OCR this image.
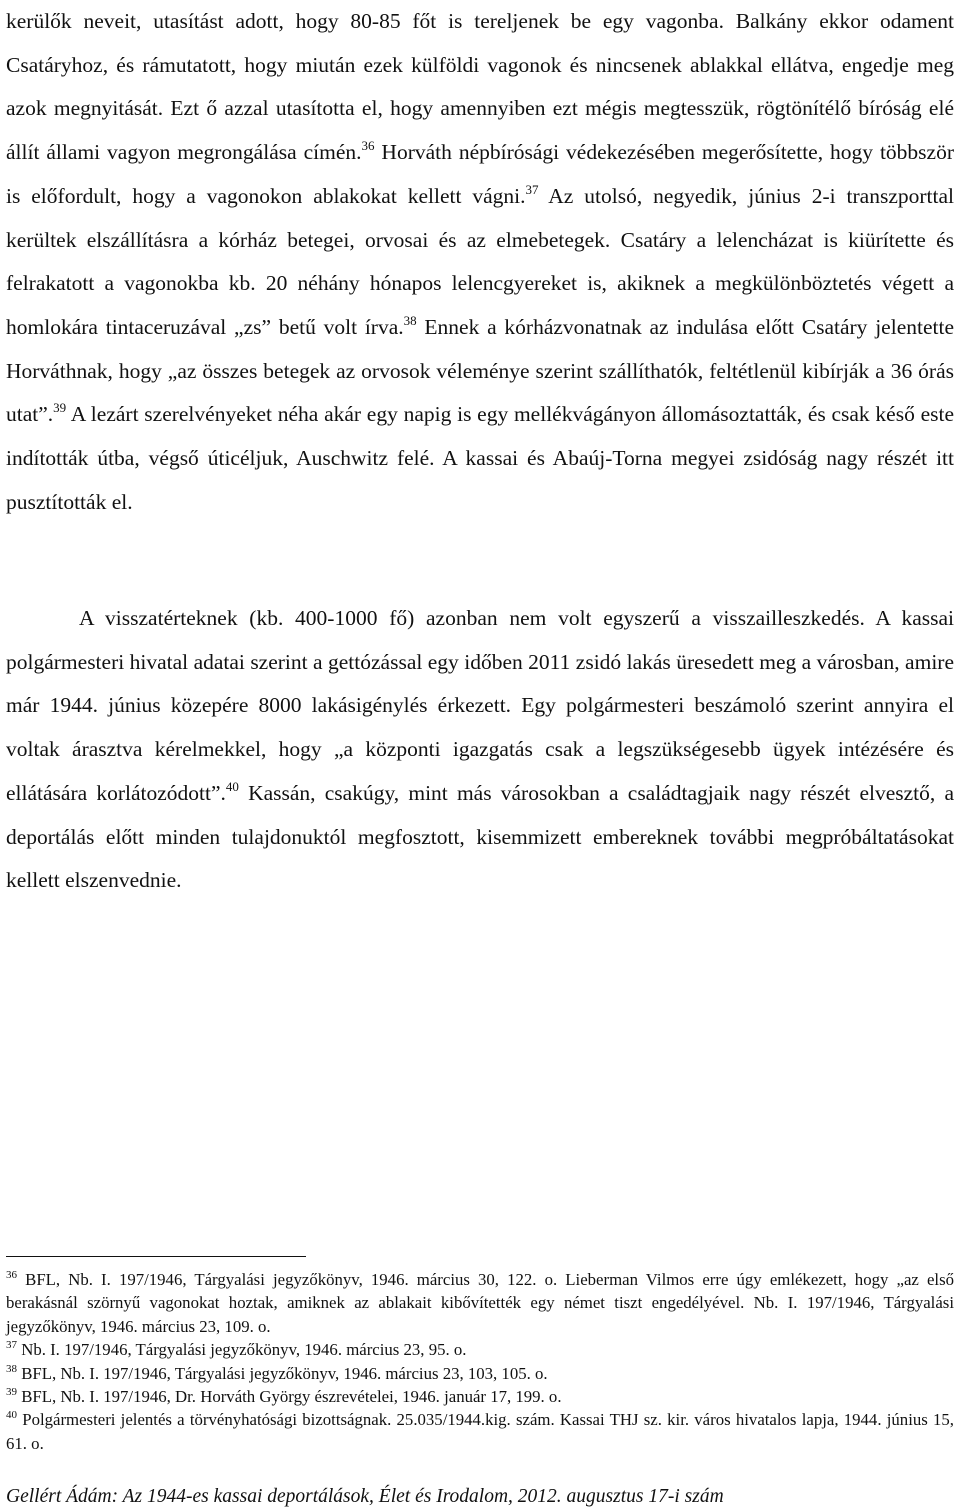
kerülők neveit, utasítást adott, hogy 80-85 főt is tereljenek be egy vagonba. Balkány ekkor odament Csatáryhoz, és rámutatott, hogy miután ezek külföldi vagonok és nincsenek ablakkal ellátva, engedje meg azok megnyitását. Ezt ő azzal utasította el, hogy amennyiben ezt mégis megtesszük, rögtönítélő bíróság elé állít állami vagyon megrongálása címén.$^{36}$ Horváth népbírósági védekezésében megerősítette, hogy többször is előfordult, hogy a vagonokon ablakokat kellett vágni.$^{37}$ Az utolsó, negyedik, június 2-i transzporttal kerültek elszállításra a kórház betegei, orvosai és az elmebetegek. Csatáry a lelencházat is kiürítette és felrakatott a vagonokba kb. 20 néhány hónapos lelencgyereket is, akiknek a megkülönböztetés végett a homlokára tintaceruzával „zs” betű volt írva.$^{38}$ Ennek a kórházvonatnak az indulása előtt Csatáry jelentette Horváthnak, hogy „az összes betegek az orvosok véleménye szerint szállíthatók, feltétlenül kibírják a 36 órás utat”.$^{39}$ A lezárt szerelvényeket néha akár egy napig is egy mellékvágányon állomásoztatták, és csak késő este indították útba, végső úticéljuk, Auschwitz felé. A kassai és Abaúj-Torna megyei zsidóság nagy részét itt pusztították el.

A visszatérteknek (kb. 400-1000 fő) azonban nem volt egyszerű a visszailleszkedés. A kassai polgármesteri hivatal adatai szerint a gettózással egy időben 2011 zsidó lakás üresedett meg a városban, amire már 1944. június közepére 8000 lakásigénylés érkezett. Egy polgármesteri beszámoló szerint annyira el voltak árasztva kérelmekkel, hogy „a központi igazgatás csak a legszükségesebb ügyek intézésére és ellátására korlátozódott”.$^{40}$ Kassán, csakúgy, mint más városokban a családtagjaik nagy részét elvesztő, a deportálás előtt minden tulajdonuktól megfosztott, kisemmizett embereknek további megpróbáltatásokat kellett elszenvednie.

$^{36}$ BFL, Nb. I. 197/1946, Tárgyalási jegyzőkönyv, 1946. március 30, 122. o. Lieberman Vilmos erre úgy emlékezett, hogy „az első berakásnál szörnyű vagonokat hoztak, amiknek az ablakait kibővítették egy német tiszt engedélyével. Nb. I. 197/1946, Tárgyalási jegyzőkönyv, 1946. március 23, 109. o.
$^{37}$ Nb. I. 197/1946, Tárgyalási jegyzőkönyv, 1946. március 23, 95. o.
$^{38}$ BFL, Nb. I. 197/1946, Tárgyalási jegyzőkönyv, 1946. március 23, 103, 105. o.
$^{39}$ BFL, Nb. I. 197/1946, Dr. Horváth György észrevételei, 1946. január 17, 199. o.
$^{40}$ Polgármesteri jelentés a törvényhatósági bizottságnak. 25.035/1944.kig. szám. Kassai THJ sz. kir. város hivatalos lapja, 1944. június 15, 61. o.
Gellért Ádám: Az 1944-es kassai deportálások, Élet és Irodalom, 2012. augusztus 17-i szám
